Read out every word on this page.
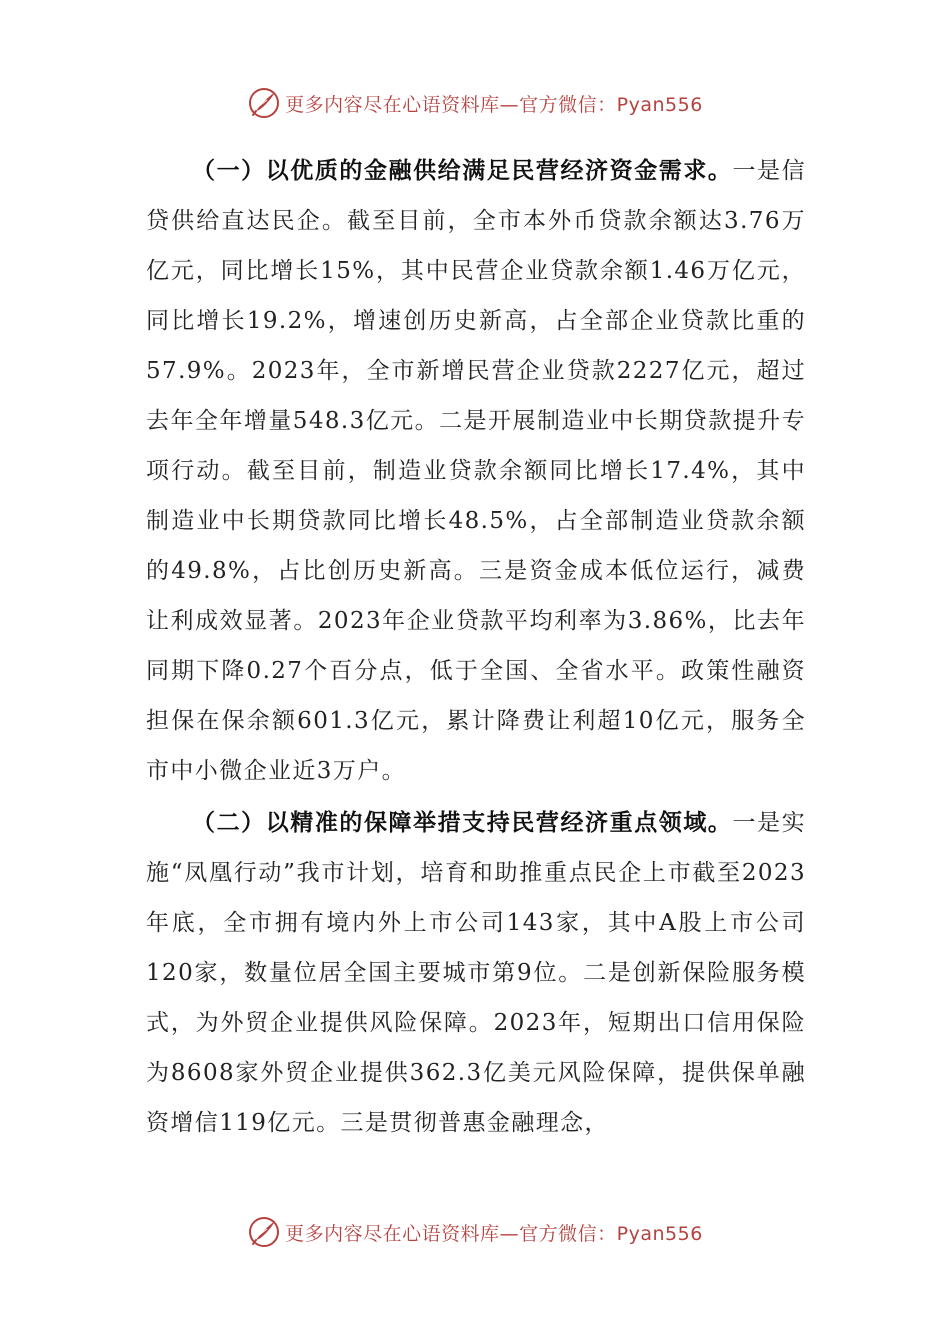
更多内容尽在心语资料库—官方微信：Pyan556

（一）以优质的金融供给满足民营经济资金需求。一是信贷供给直达民企。截至目前，全市本外币贷款余额达3.76万亿元，同比增长15%，其中民营企业贷款余额1.46万亿元，同比增长19.2%，增速创历史新高，占全部企业贷款比重的57.9%。2023年，全市新增民营企业贷款2227亿元，超过去年全年增量548.3亿元。二是开展制造业中长期贷款提升专项行动。截至目前，制造业贷款余额同比增长17.4%，其中制造业中长期贷款同比增长48.5%，占全部制造业贷款余额的49.8%，占比创历史新高。三是资金成本低位运行，减费让利成效显著。2023年企业贷款平均利率为3.86%，比去年同期下降0.27个百分点，低于全国、全省水平。政策性融资担保在保余额601.3亿元，累计降费让利超10亿元，服务全市中小微企业近3万户。

（二）以精准的保障举措支持民营经济重点领域。一是实施“凤凰行动”我市计划，培育和助推重点民企上市截至2023年底，全市拥有境内外上市公司143家，其中A股上市公司120家，数量位居全国主要城市第9位。二是创新保险服务模式，为外贸企业提供风险保障。2023年，短期出口信用保险为8608家外贸企业提供362.3亿美元风险保障，提供保单融资增信119亿元。三是贯彻普惠金融理念，

更多内容尽在心语资料库—官方微信：Pyan556
